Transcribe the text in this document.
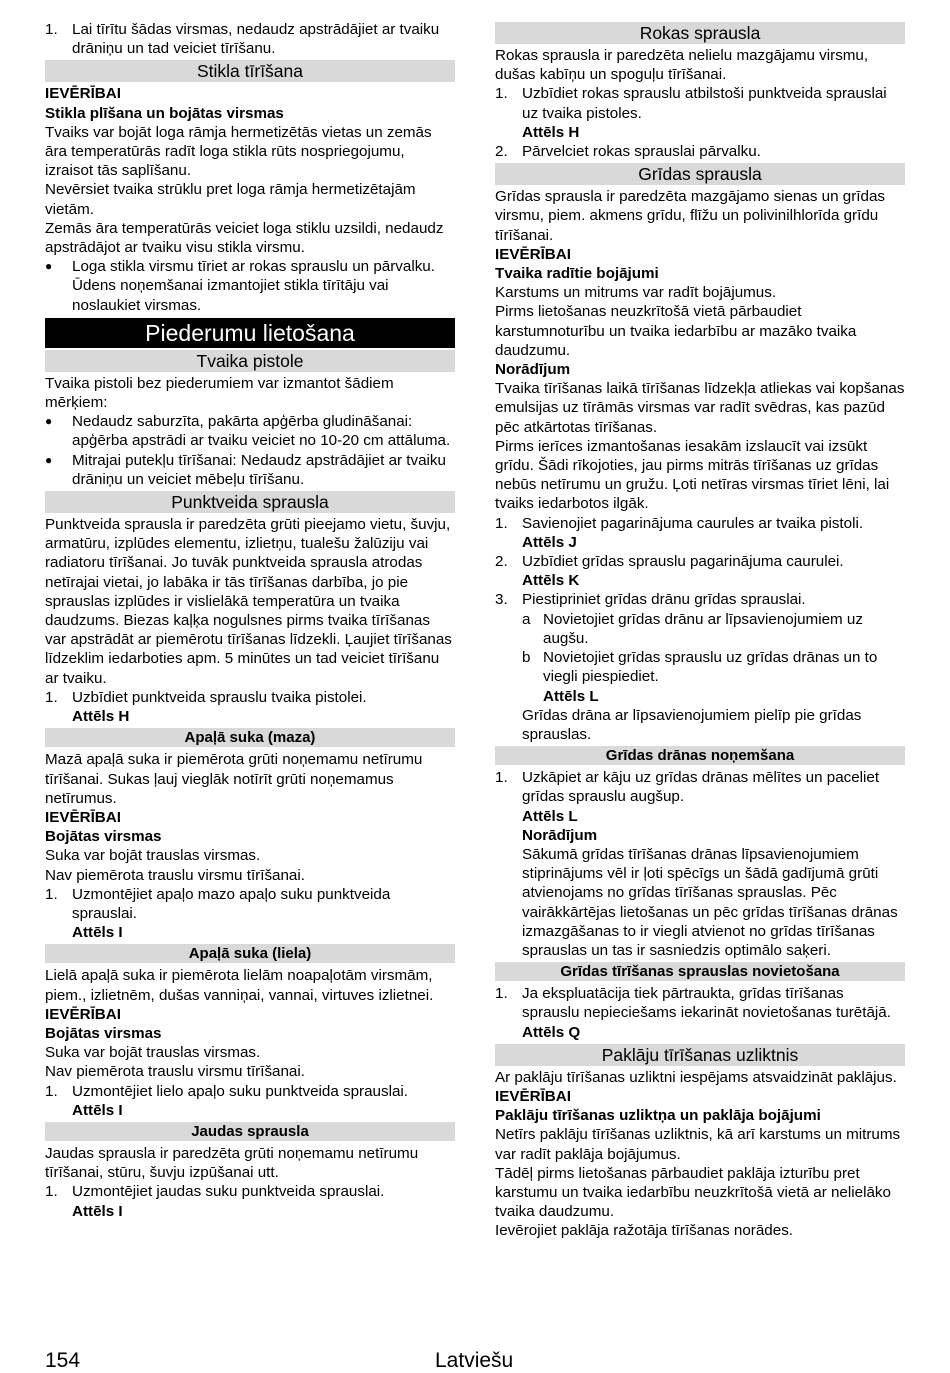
1. Lai tīrītu šādas virsmas, nedaudz apstrādājiet ar tvaiku drāniņu un tad veiciet tīrīšanu.
Stikla tīrīšana

IEVĒRĪBAI

Stikla plīšana un bojātas virsmas

Tvaiks var bojāt loga rāmja hermetizētās vietas un zemās āra temperatūrās radīt loga stikla rūts nospriegojumu, izraisot tās saplīšanu.

Nevērsiet tvaika strūklu pret loga rāmja hermetizētajām vietām.

Zemās āra temperatūrās veiciet loga stiklu uzsildi, nedaudz apstrādājot ar tvaiku visu stikla virsmu.

●	Loga stikla virsmu tīriet ar rokas sprauslu un pārvalku. Ūdens noņemšanai izmantojiet stikla tīrītāju vai noslaukiet virsmas.
Piederumu lietošana
Tvaika pistole

Tvaika pistoli bez piederumiem var izmantot šādiem mērķiem:

●	Nedaudz saburzīta, pakārta apģērba gludināšanai: apģērba apstrādi ar tvaiku veiciet no 10-20 cm attāluma.
●	Mitrajai putekļu tīrīšanai: Nedaudz apstrādājiet ar tvaiku drāniņu un veiciet mēbeļu tīrīšanu.
Punktveida sprausla

Punktveida sprausla ir paredzēta grūti pieejamo vietu, šuvju, armatūru, izplūdes elementu, izlietņu, tualešu žalūziju vai radiatoru tīrīšanai. Jo tuvāk punktveida sprausla atrodas netīrajai vietai, jo labāka ir tās tīrīšanas darbība, jo pie sprauslas izplūdes ir vislielākā temperatūra un tvaika daudzums. Biezas kaļķa nogulsnes pirms tvaika tīrīšanas var apstrādāt ar piemērotu tīrīšanas līdzekli. Ļaujiet tīrīšanas līdzeklim iedarboties apm. 5 minūtes un tad veiciet tīrīšanu ar tvaiku.

1. Uzbīdiet punktveida sprauslu tvaika pistolei.

Attēls H

Apaļā suka (maza)

Mazā apaļā suka ir piemērota grūti noņemamu netīrumu tīrīšanai. Sukas ļauj vieglāk notīrīt grūti noņemamus netīrumus.

IEVĒRĪBAI

Bojātas virsmas

Suka var bojāt trauslas virsmas.

Nav piemērota trauslu virsmu tīrīšanai.

1. Uzmontējiet apaļo mazo apaļo suku punktveida sprauslai.

Attēls I

Apaļā suka (liela)

Lielā apaļā suka ir piemērota lielām noapaļotām virsmām, piem., izlietnēm, dušas vanniņai, vannai, virtuves izlietnei.

IEVĒRĪBAI

Bojātas virsmas

Suka var bojāt trauslas virsmas.

Nav piemērota trauslu virsmu tīrīšanai.

1. Uzmontējiet lielo apaļo suku punktveida sprauslai.

Attēls I

Jaudas sprausla

Jaudas sprausla ir paredzēta grūti noņemamu netīrumu tīrīšanai, stūru, šuvju izpūšanai utt.

1. Uzmontējiet jaudas suku punktveida sprauslai.

Attēls I

Rokas sprausla

Rokas sprausla ir paredzēta nelielu mazgājamu virsmu, dušas kabīņu un spoguļu tīrīšanai.

1. Uzbīdiet rokas sprauslu atbilstoši punktveida sprauslai uz tvaika pistoles.

Attēls H

2. Pārvelciet rokas sprauslai pārvalku.
Grīdas sprausla

Grīdas sprausla ir paredzēta mazgājamo sienas un grīdas virsmu, piem. akmens grīdu, flīžu un polivinilhlorīda grīdu tīrīšanai.

IEVĒRĪBAI

Tvaika radītie bojājumi

Karstums un mitrums var radīt bojājumus.

Pirms lietošanas neuzkrītošā vietā pārbaudiet karstumnoturību un tvaika iedarbību ar mazāko tvaika daudzumu.

Norādījum

Tvaika tīrīšanas laikā tīrīšanas līdzekļa atliekas vai kopšanas emulsijas uz tīrāmās virsmas var radīt svēdras, kas pazūd pēc atkārtotas tīrīšanas.

Pirms ierīces izmantošanas iesakām izslaucīt vai izsūkt grīdu. Šādi rīkojoties, jau pirms mitrās tīrīšanas uz grīdas nebūs netīrumu un gružu. Ļoti netīras virsmas tīriet lēni, lai tvaiks iedarbotos ilgāk.

1. Savienojiet pagarinājuma caurules ar tvaika pistoli.

Attēls J

2. Uzbīdiet grīdas sprauslu pagarinājuma caurulei.

Attēls K

3. Piestipriniet grīdas drānu grīdas sprauslai.
a Novietojiet grīdas drānu ar līpsavienojumiem uz augšu.
b Novietojiet grīdas sprauslu uz grīdas drānas un to viegli piespiediet.

Attēls L

Grīdas drāna ar līpsavienojumiem pielīp pie grīdas sprauslas.

Grīdas drānas noņemšana
1. Uzkāpiet ar kāju uz grīdas drānas mēlītes un paceliet grīdas sprauslu augšup.

Attēls L

Norādījum

Sākumā grīdas tīrīšanas drānas līpsavienojumiem stiprinājums vēl ir ļoti spēcīgs un šādā gadījumā grūti atvienojams no grīdas tīrīšanas sprauslas. Pēc vairākkārtējas lietošanas un pēc grīdas tīrīšanas drānas izmazgāšanas to ir viegli atvienot no grīdas tīrīšanas sprauslas un tas ir sasniedzis optimālo saķeri.

Grīdas tīrīšanas sprauslas novietošana
1. Ja ekspluatācija tiek pārtraukta, grīdas tīrīšanas sprauslu nepieciešams iekarināt novietošanas turētājā.

Attēls Q

Paklāju tīrīšanas uzliktnis

Ar paklāju tīrīšanas uzliktni iespējams atsvaidzināt paklājus.

IEVĒRĪBAI

Paklāju tīrīšanas uzliktņa un paklāja bojājumi

Netīrs paklāju tīrīšanas uzliktnis, kā arī karstums un mitrums var radīt paklāja bojājumus.

Tādēļ pirms lietošanas pārbaudiet paklāja izturību pret karstumu un tvaika iedarbību neuzkrītošā vietā ar nelielāko tvaika daudzumu.

Ievērojiet paklāja ražotāja tīrīšanas norādes.

154	Latviešu
